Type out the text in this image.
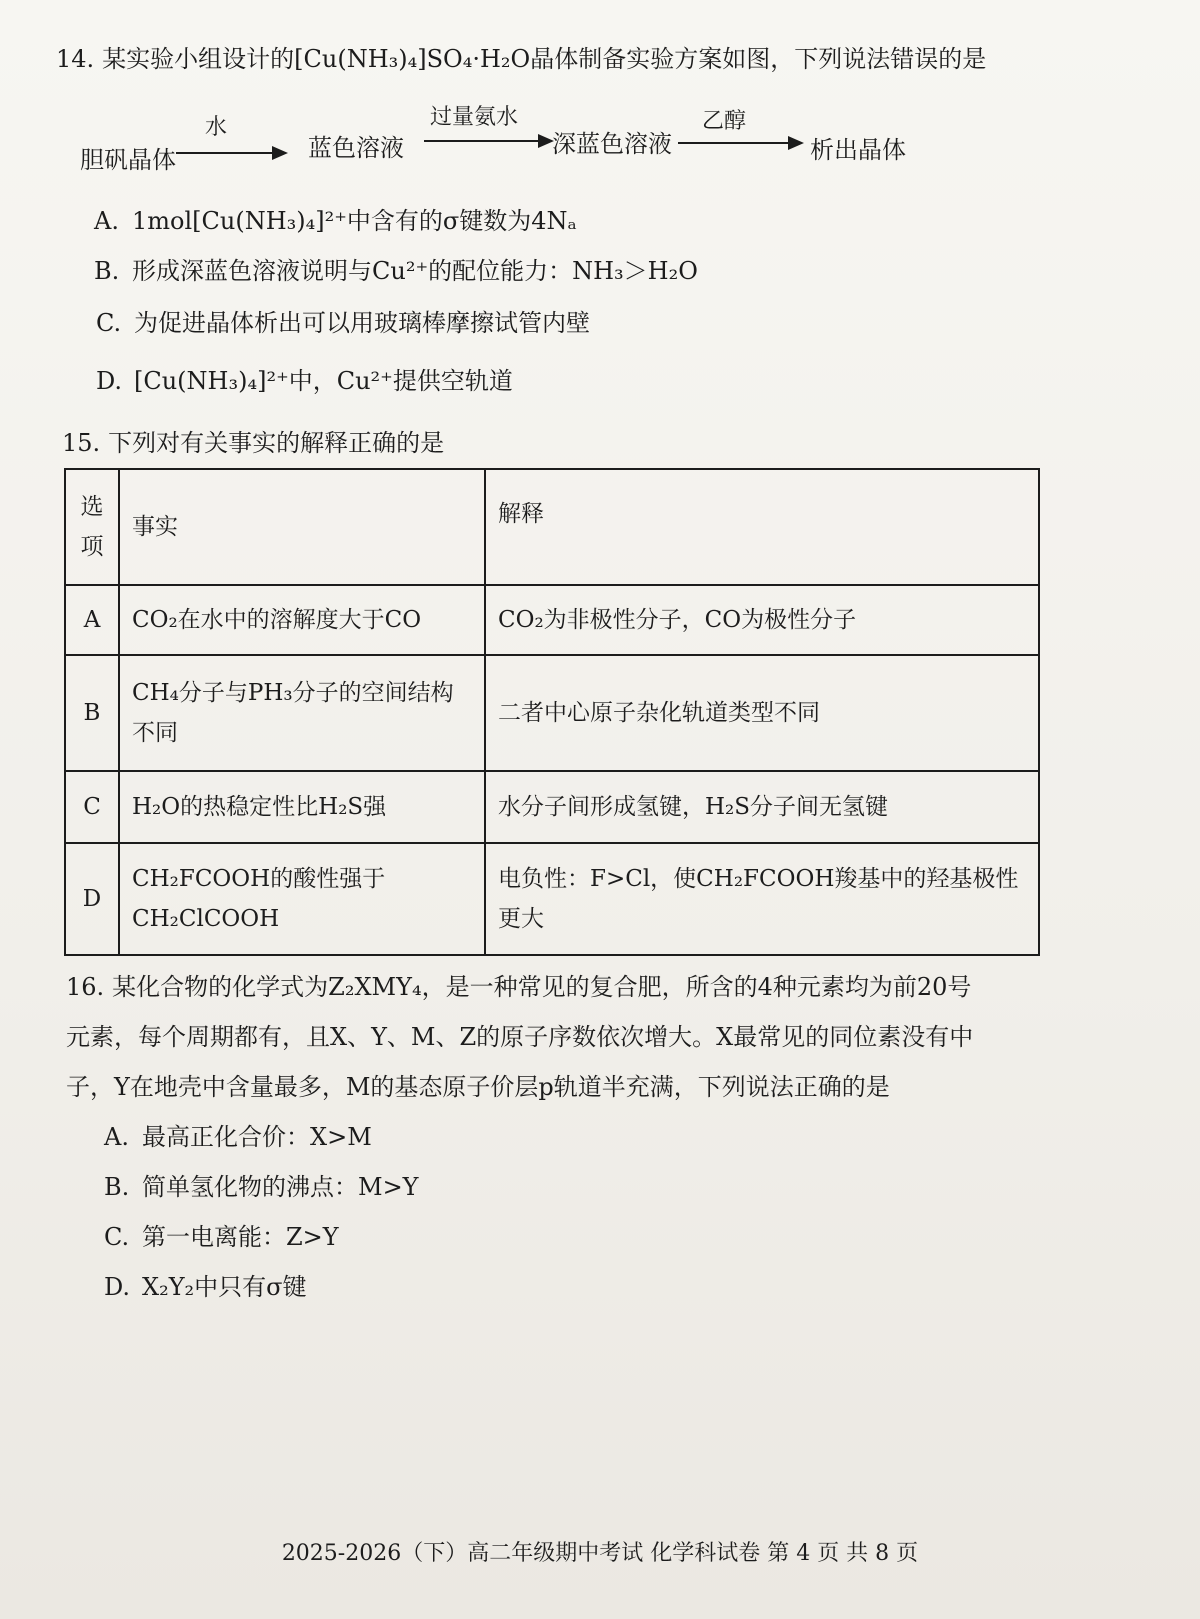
14. 某实验小组设计的[Cu(NH₃)₄]SO₄·H₂O晶体制备实验方案如图，下列说法错误的是
胆矾晶体
水
蓝色溶液
过量氨水
深蓝色溶液
乙醇
析出晶体
A. 1mol[Cu(NH₃)₄]²⁺中含有的σ键数为4Nₐ
B. 形成深蓝色溶液说明与Cu²⁺的配位能力：NH₃＞H₂O
C. 为促进晶体析出可以用玻璃棒摩擦试管内壁
D. [Cu(NH₃)₄]²⁺中，Cu²⁺提供空轨道
15. 下列对有关事实的解释正确的是
选项	事实	解释
A	CO₂在水中的溶解度大于CO	CO₂为非极性分子，CO为极性分子
B	CH₄分子与PH₃分子的空间结构不同	二者中心原子杂化轨道类型不同
C	H₂O的热稳定性比H₂S强	水分子间形成氢键，H₂S分子间无氢键
D	CH₂FCOOH的酸性强于CH₂ClCOOH	电负性：F>Cl，使CH₂FCOOH羧基中的羟基极性更大
16. 某化合物的化学式为Z₂XMY₄，是一种常见的复合肥，所含的4种元素均为前20号
元素，每个周期都有，且X、Y、M、Z的原子序数依次增大。X最常见的同位素没有中
子，Y在地壳中含量最多，M的基态原子价层p轨道半充满，下列说法正确的是
A. 最高正化合价：X>M
B. 简单氢化物的沸点：M>Y
C. 第一电离能：Z>Y
D. X₂Y₂中只有σ键
2025-2026（下）高二年级期中考试 化学科试卷 第 4 页 共 8 页
